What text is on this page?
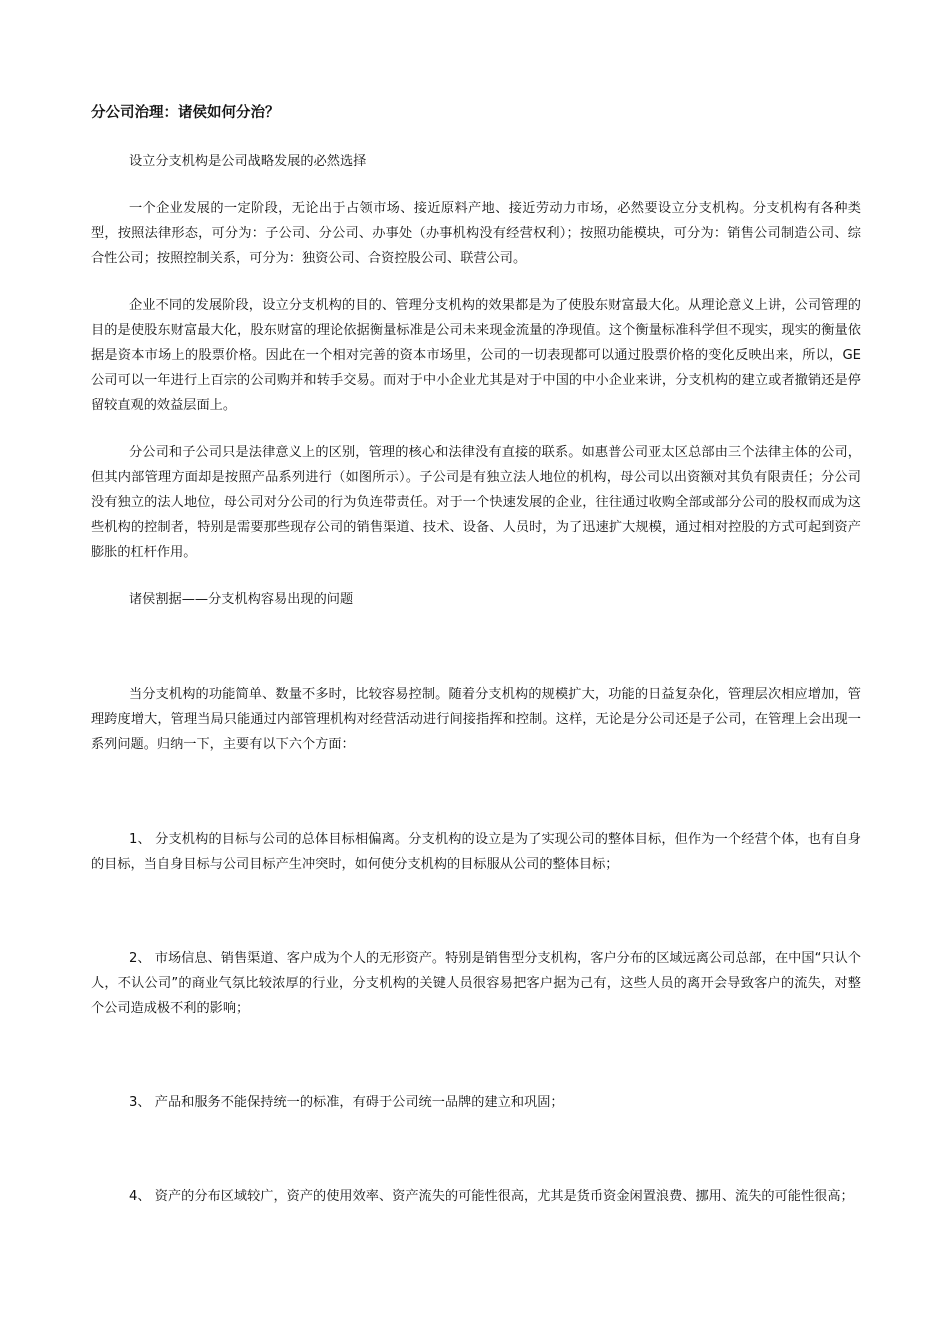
分公司治理：诸侯如何分治？

设立分支机构是公司战略发展的必然选择

一个企业发展的一定阶段，无论出于占领市场、接近原料产地、接近劳动力市场，必然要设立分支机构。分支机构有各种类型，按照法律形态，可分为：子公司、分公司、办事处（办事机构没有经营权利）；按照功能模块，可分为：销售公司制造公司、综合性公司；按照控制关系，可分为：独资公司、合资控股公司、联营公司。

企业不同的发展阶段，设立分支机构的目的、管理分支机构的效果都是为了使股东财富最大化。从理论意义上讲，公司管理的目的是使股东财富最大化，股东财富的理论依据衡量标准是公司未来现金流量的净现值。这个衡量标准科学但不现实，现实的衡量依据是资本市场上的股票价格。因此在一个相对完善的资本市场里，公司的一切表现都可以通过股票价格的变化反映出来，所以，GE 公司可以一年进行上百宗的公司购并和转手交易。而对于中小企业尤其是对于中国的中小企业来讲，分支机构的建立或者撤销还是停留较直观的效益层面上。

分公司和子公司只是法律意义上的区别，管理的核心和法律没有直接的联系。如惠普公司亚太区总部由三个法律主体的公司，但其内部管理方面却是按照产品系列进行（如图所示）。子公司是有独立法人地位的机构，母公司以出资额对其负有限责任；分公司没有独立的法人地位，母公司对分公司的行为负连带责任。对于一个快速发展的企业，往往通过收购全部或部分公司的股权而成为这些机构的控制者，特别是需要那些现存公司的销售渠道、技术、设备、人员时，为了迅速扩大规模，通过相对控股的方式可起到资产膨胀的杠杆作用。

诸侯割据——分支机构容易出现的问题

当分支机构的功能简单、数量不多时，比较容易控制。随着分支机构的规模扩大，功能的日益复杂化，管理层次相应增加，管理跨度增大，管理当局只能通过内部管理机构对经营活动进行间接指挥和控制。这样，无论是分公司还是子公司，在管理上会出现一系列问题。归纳一下，主要有以下六个方面：

1、 分支机构的目标与公司的总体目标相偏离。分支机构的设立是为了实现公司的整体目标，但作为一个经营个体，也有自身的目标，当自身目标与公司目标产生冲突时，如何使分支机构的目标服从公司的整体目标；

2、 市场信息、销售渠道、客户成为个人的无形资产。特别是销售型分支机构，客户分布的区域远离公司总部，在中国“只认个人，不认公司”的商业气氛比较浓厚的行业，分支机构的关键人员很容易把客户据为己有，这些人员的离开会导致客户的流失，对整个公司造成极不利的影响；

3、 产品和服务不能保持统一的标准，有碍于公司统一品牌的建立和巩固；

4、 资产的分布区域较广，资产的使用效率、资产流失的可能性很高，尤其是货币资金闲置浪费、挪用、流失的可能性很高；
